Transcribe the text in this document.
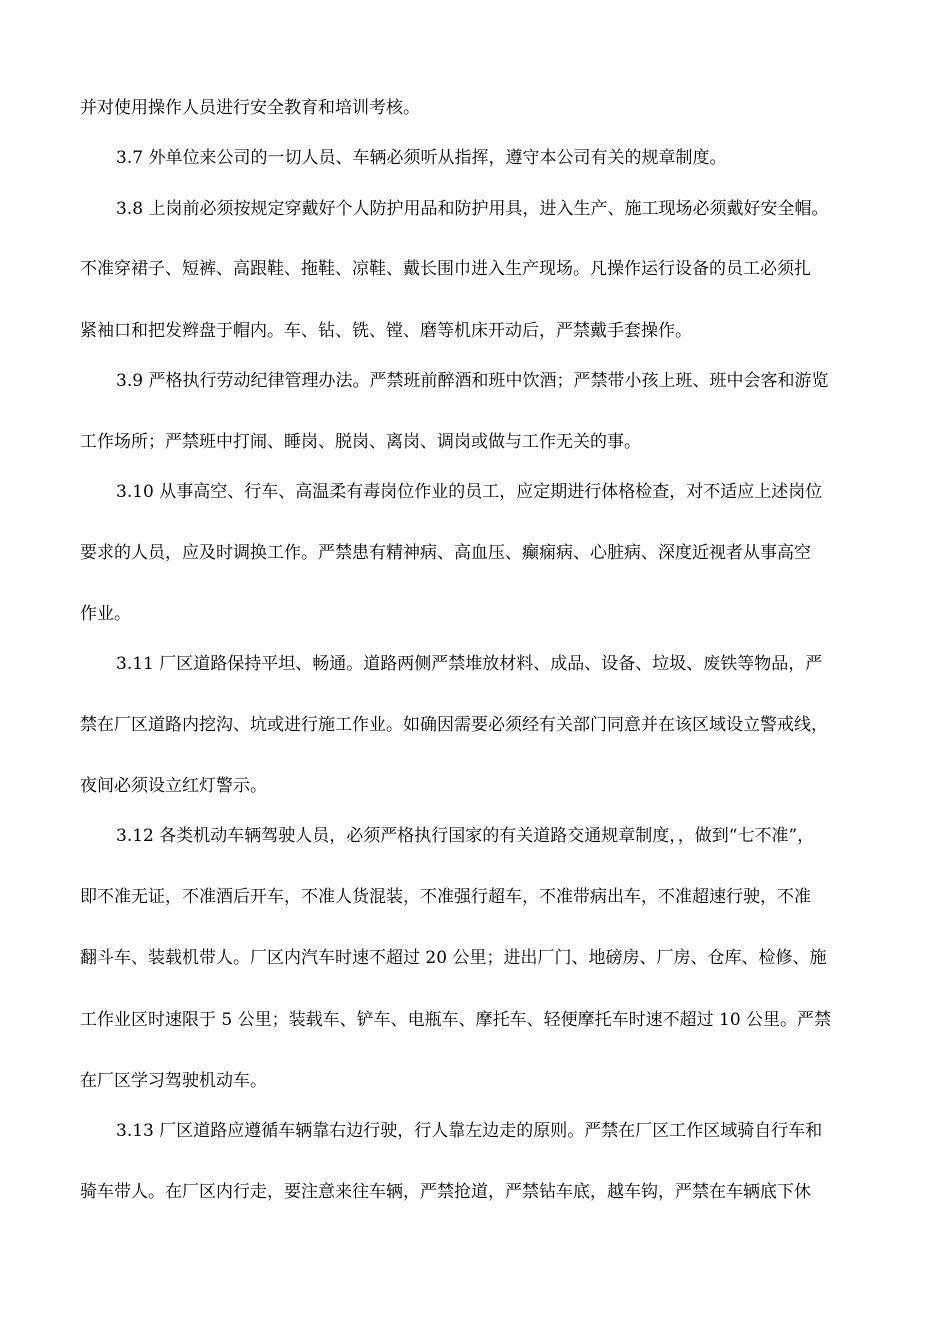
并对使用操作人员进行安全教育和培训考核。
3.7 外单位来公司的一切人员、车辆必须听从指挥，遵守本公司有关的规章制度。
3.8 上岗前必须按规定穿戴好个人防护用品和防护用具，进入生产、施工现场必须戴好安全帽。
不准穿裙子、短裤、高跟鞋、拖鞋、凉鞋、戴长围巾进入生产现场。凡操作运行设备的员工必须扎
紧袖口和把发辫盘于帽内。车、钻、铣、镗、磨等机床开动后，严禁戴手套操作。
3.9 严格执行劳动纪律管理办法。严禁班前醉酒和班中饮酒；严禁带小孩上班、班中会客和游览
工作场所；严禁班中打闹、睡岗、脱岗、离岗、调岗或做与工作无关的事。
3.10 从事高空、行车、高温柔有毒岗位作业的员工，应定期进行体格检查，对不适应上述岗位
要求的人员，应及时调换工作。严禁患有精神病、高血压、癫痫病、心脏病、深度近视者从事高空
作业。
3.11 厂区道路保持平坦、畅通。道路两侧严禁堆放材料、成品、设备、垃圾、废铁等物品，严
禁在厂区道路内挖沟、坑或进行施工作业。如确因需要必须经有关部门同意并在该区域设立警戒线，
夜间必须设立红灯警示。
3.12 各类机动车辆驾驶人员，必须严格执行国家的有关道路交通规章制度，，做到“七不准”，
即不准无证，不准酒后开车，不准人货混装，不准强行超车，不准带病出车，不准超速行驶，不准
翻斗车、装载机带人。厂区内汽车时速不超过 20 公里；进出厂门、地磅房、厂房、仓库、检修、施
工作业区时速限于 5 公里；装载车、铲车、电瓶车、摩托车、轻便摩托车时速不超过 10 公里。严禁
在厂区学习驾驶机动车。
3.13 厂区道路应遵循车辆靠右边行驶，行人靠左边走的原则。严禁在厂区工作区域骑自行车和
骑车带人。在厂区内行走，要注意来往车辆，严禁抢道，严禁钻车底，越车钩，严禁在车辆底下休
